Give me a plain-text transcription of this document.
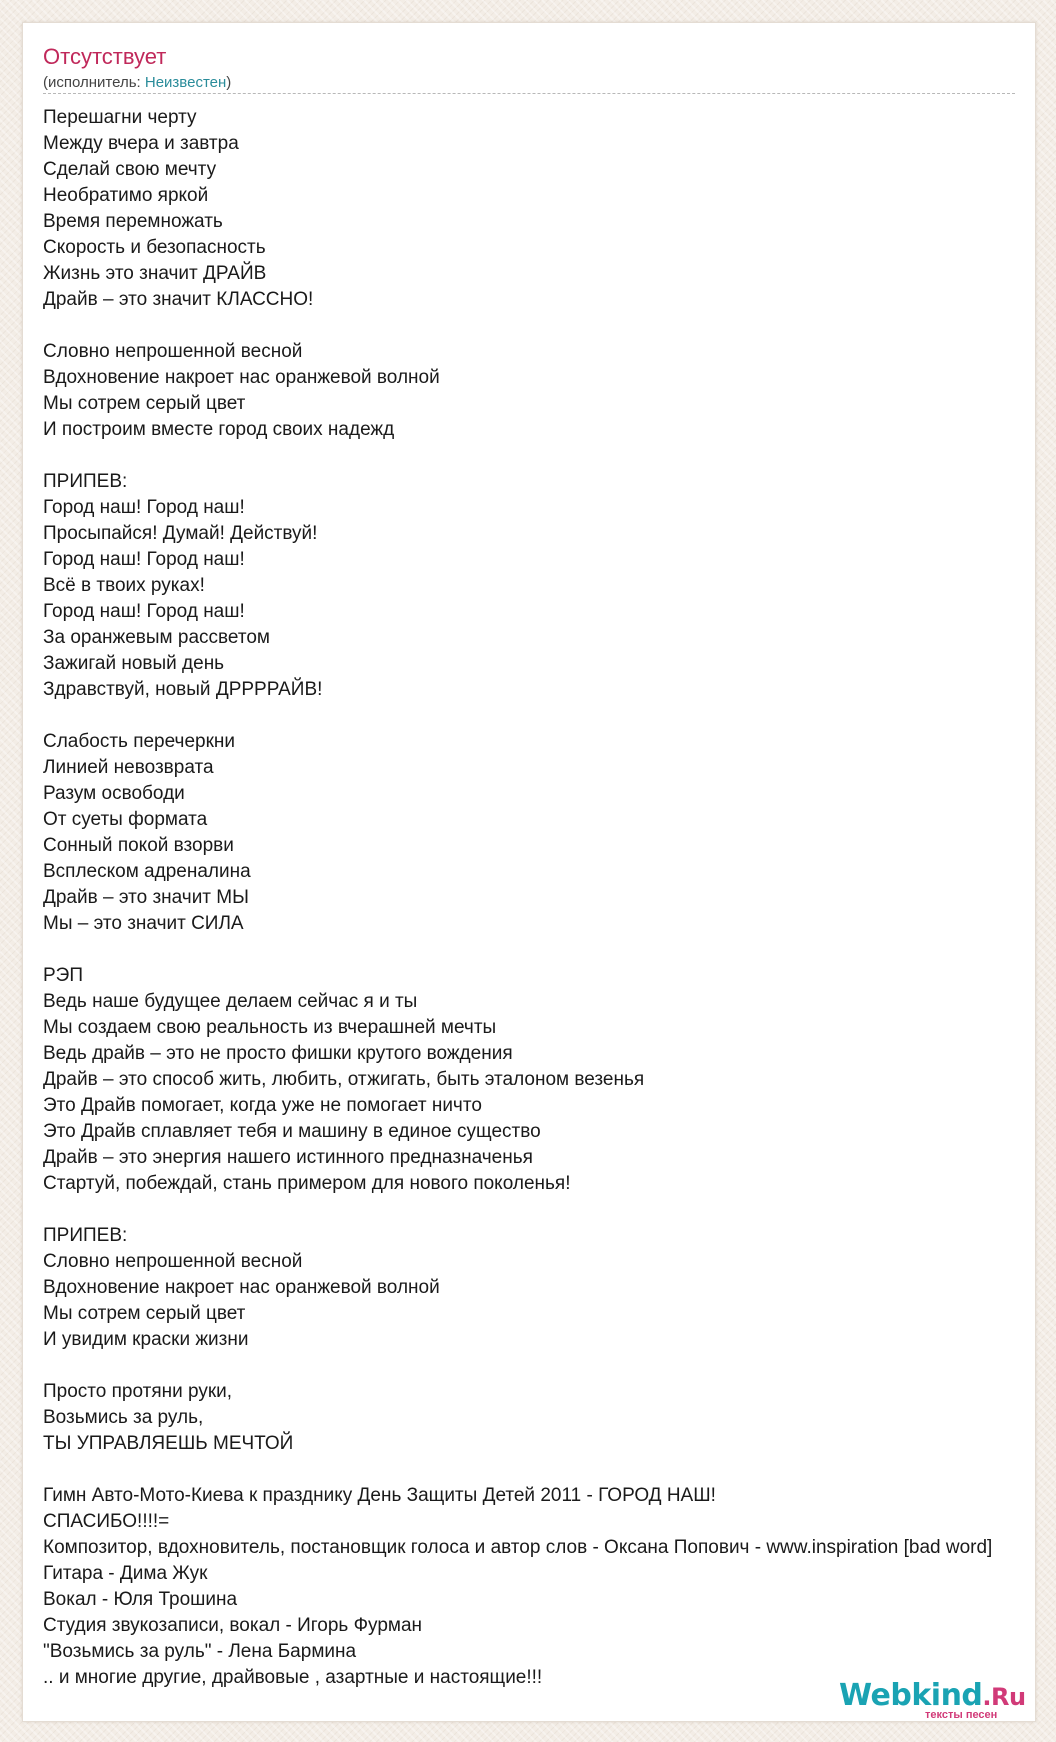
Отсутствует
(исполнитель: Неизвестен)
Перешагни черту
Между вчера и завтра
Сделай свою мечту
Необратимо яркой
Время перемножать
Скорость и безопасность
Жизнь это значит ДРАЙВ
Драйв – это значит КЛАССНО!
Словно непрошенной весной
Вдохновение накроет нас оранжевой волной
Мы сотрем серый цвет
И построим вместе город своих надежд
ПРИПЕВ:
Город наш! Город наш!
Просыпайся! Думай! Действуй!
Город наш! Город наш!
Всё в твоих руках!
Город наш! Город наш!
За оранжевым рассветом
Зажигай новый день
Здравствуй, новый ДРРРРАЙВ!
Слабость перечеркни
Линией невозврата
Разум освободи
От суеты формата
Сонный покой взорви
Всплеском адреналина
Драйв – это значит МЫ
Мы – это значит СИЛА
РЭП
Ведь наше будущее делаем сейчас я и ты
Мы создаем свою реальность из вчерашней мечты
Ведь драйв – это не просто фишки крутого вождения
Драйв – это способ жить, любить, отжигать, быть эталоном везенья
Это Драйв помогает, когда уже не помогает ничто
Это Драйв сплавляет тебя и машину в единое существо
Драйв – это энергия нашего истинного предназначенья
Стартуй, побеждай, стань примером для нового поколенья!
ПРИПЕВ:
Словно непрошенной весной
Вдохновение накроет нас оранжевой волной
Мы сотрем серый цвет
И увидим краски жизни
Просто протяни руки,
Возьмись за руль,
ТЫ УПРАВЛЯЕШЬ МЕЧТОЙ
Гимн Авто-Мото-Киева к празднику День Защиты Детей 2011 - ГОРОД НАШ!
СПАСИБО!!!!=
Композитор, вдохновитель, постановщик голоса и автор слов - Оксана Попович - www.inspiration [bad word]
Гитара - Дима Жук
Вокал - Юля Трошина
Студия звукозаписи, вокал - Игорь Фурман
"Возьмись за руль" - Лена Бармина
.. и многие другие, драйвовые , азартные и настоящие!!!
Webkind.Ru
тексты песен
